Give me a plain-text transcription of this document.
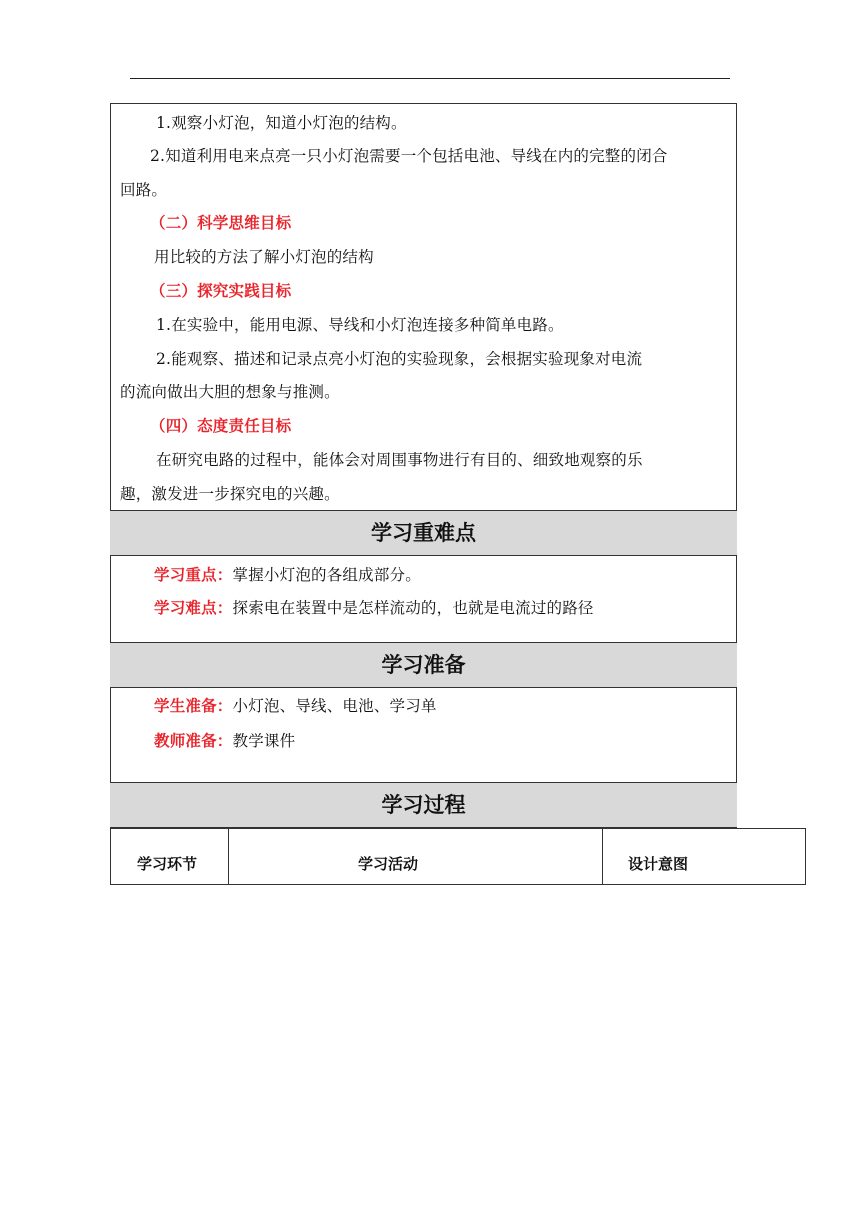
1.观察小灯泡，知道小灯泡的结构。
2.知道利用电来点亮一只小灯泡需要一个包括电池、导线在内的完整的闭合
回路。
（二）科学思维目标
用比较的方法了解小灯泡的结构
（三）探究实践目标
1.在实验中，能用电源、导线和小灯泡连接多种简单电路。
2.能观察、描述和记录点亮小灯泡的实验现象，会根据实验现象对电流
的流向做出大胆的想象与推测。
（四）态度责任目标
在研究电路的过程中，能体会对周围事物进行有目的、细致地观察的乐
趣，激发进一步探究电的兴趣。
学习重难点
学习重点：掌握小灯泡的各组成部分。
学习难点：探索电在装置中是怎样流动的，也就是电流过的路径
学习准备
学生准备：小灯泡、导线、电池、学习单
教师准备：教学课件
学习过程
学习环节	学习活动	设计意图
